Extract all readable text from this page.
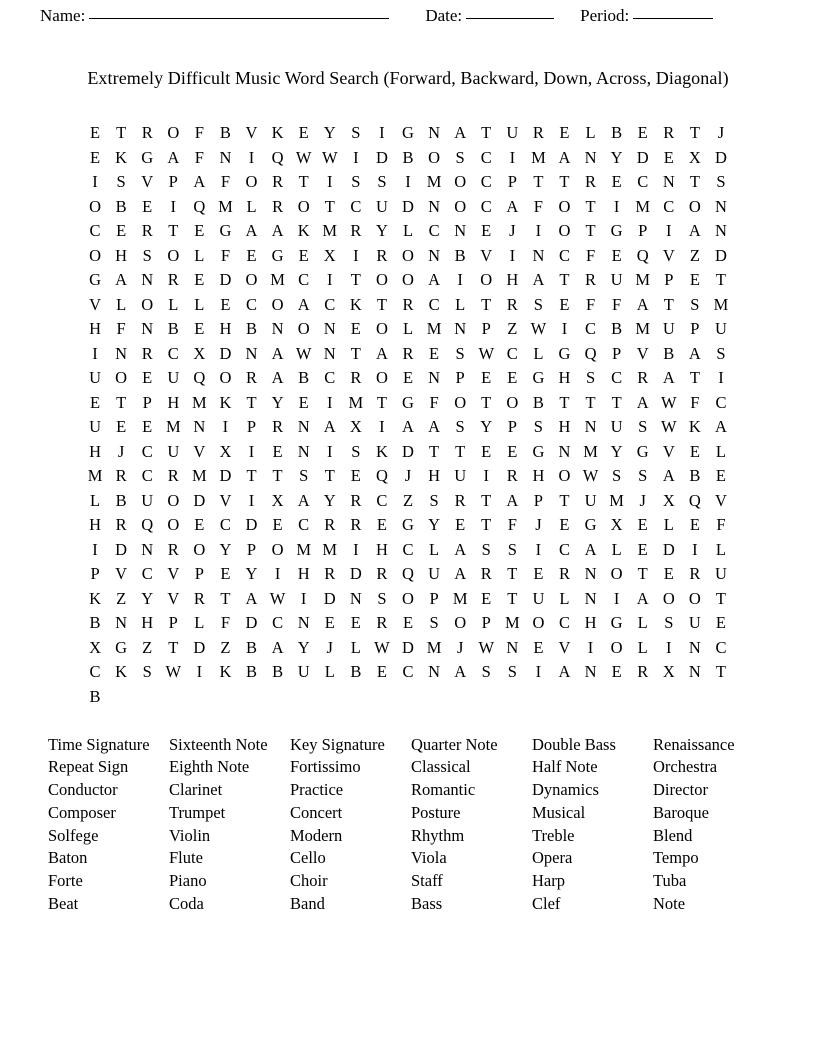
Name:	Date:	Period:
Extremely Difficult Music Word Search (Forward, Backward, Down, Across, Diagonal)
E T R O F B V K E Y S	I	G N A T U R E L B E R T	J
E K G A F N	I	Q W W I	D B O S C	I M A N Y D E X D
I	S V P A F O R T	I	S	S	I M O C P T T R E C N T S
O B E	I	Q M L R O T C U D N O C A F O T	I M C O N
C E R T E G A A K M R Y L C N E	J	I	O T G P	I	A N
O H S O L F E G E X	I	R O N B V	I	N C F E Q V Z D
G A N R E D O M C	I	T O O A	I	O H A T R U M P E T
V L O L L E C O A C K T R C L T R S E F	F A T S M
H F N B E H B N O N E O L M N P Z W I	C B M U P U
I	N R C X D N A W N T A R E S W C L G Q P V B A S
U O E U Q O R A B C R O E N P E E G H S C R A T	I
E T P H M K T Y E	I M T G F O T O B T T T A W F C
U E E M N	I	P R N A X	I	A A S Y P	S H N U S W K A
H	J	C U V X	I	E N	I	S K D T T E E G N M Y G V E L
M R C R M D T T S T E Q	J	H U	I	R H O W S	S A B E
L B U O D V	I	X A Y R C Z S R T A P T U M J	X Q V
H R Q O E C D E C R R E G Y E T F	J	E G X E L E F
I	D N R O Y P O M M I	H C L A S	S	I	C A L E D	I	L
P V C V P E Y	I	H R D R Q U A R T E R N O T E R U
K Z Y V R T A W I	D N S O P M E T U L N	I	A O O T
B N H P L F D C N E E R E S O P M O C H G L S U E
X G Z T D Z B A Y	J	L W D M J W N E V	I	O L	I	N C
C K S W I	K B B U L B E C N A S	S	I	A N E R X N T
B
Time Signature
Repeat Sign
Conductor
Composer
Solfege
Baton
Forte
Beat
Sixteenth Note
Eighth Note
Clarinet
Trumpet
Violin
Flute
Piano
Coda
Key Signature
Fortissimo
Practice
Concert
Modern
Cello
Choir
Band
Quarter Note
Classical
Romantic
Posture
Rhythm
Viola
Staff
Bass
Double Bass
Half Note
Dynamics
Musical
Treble
Opera
Harp
Clef
Renaissance
Orchestra
Director
Baroque
Blend
Tempo
Tuba
Note
